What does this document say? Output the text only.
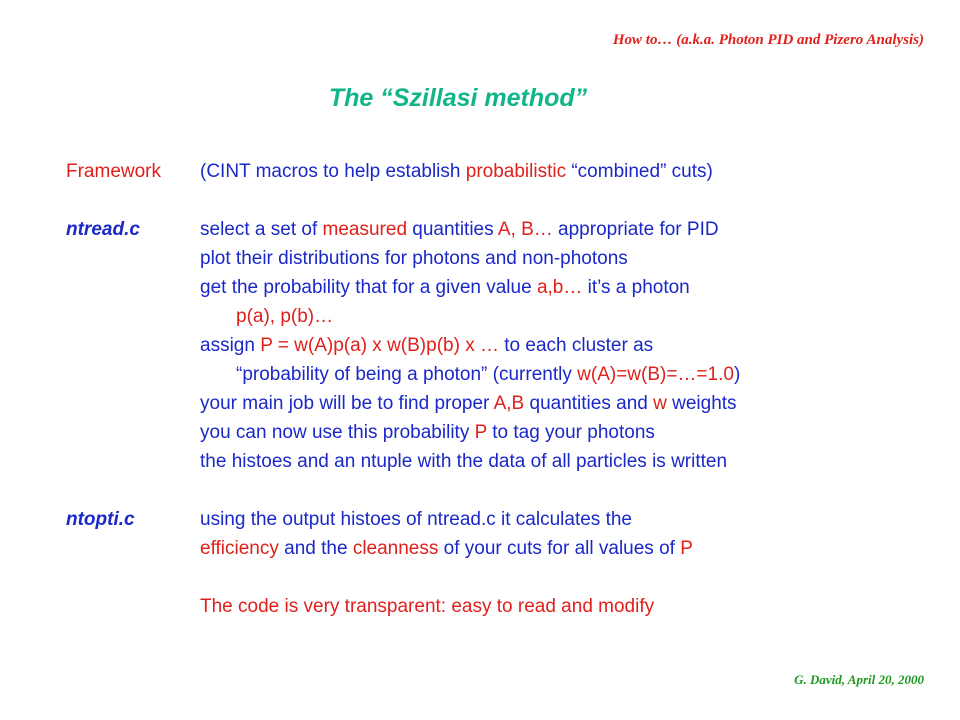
How to… (a.k.a. Photon PID and Pizero Analysis)
The “Szillasi method”
Framework (CINT macros to help establish probabilistic “combined” cuts)
ntread.c	select a set of measured quantities A, B… appropriate for PID
plot their distributions for photons and non-photons
get the probability that for a given value a,b… it’s a photon
p(a), p(b)…
assign P = w(A)p(a) x w(B)p(b) x … to each cluster as
“probability of being a photon” (currently w(A)=w(B)=…=1.0)
your main job will be to find proper A,B quantities and w weights
you can now use this probability P to tag your photons
the histoes and an ntuple with the data of all particles is written
ntopti.c	using the output histoes of ntread.c it calculates the
efficiency and the cleanness of your cuts for all values of P
The code is very transparent: easy to read and modify
G. David, April 20, 2000
